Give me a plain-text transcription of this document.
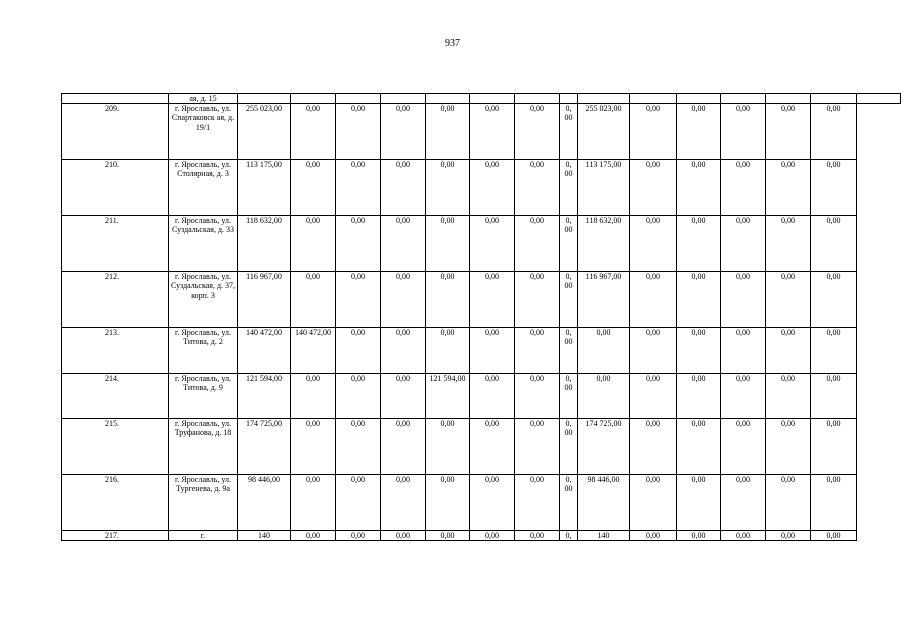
937
	ая, д. 15															
209.	г. Ярославль, ул. Спартаковск ая, д. 19/1	255 023,00	0,00	0,00	0,00	0,00	0,00	0,00	0, 00	255 023,00	0,00	0,00	0,00	0,00	0,00	
210.	г. Ярославль, ул. Столярная, д. 3	113 175,00	0,00	0,00	0,00	0,00	0,00	0,00	0, 00	113 175,00	0,00	0,00	0,00	0,00	0,00	
211.	г. Ярославль, ул. Суздальская, д. 33	118 632,00	0,00	0,00	0,00	0,00	0,00	0,00	0, 00	118 632,00	0,00	0,00	0,00	0,00	0,00	
212.	г. Ярославль, ул. Суздальская, д. 37, корп. 3	116 967,00	0,00	0,00	0,00	0,00	0,00	0,00	0, 00	116 967,00	0,00	0,00	0,00	0,00	0,00	
213.	г. Ярославль, ул. Титова, д. 2	140 472,00	140 472,00	0,00	0,00	0,00	0,00	0,00	0, 00	0,00	0,00	0,00	0,00	0,00	0,00	
214.	г. Ярославль, ул. Титова, д. 9	121 594,00	0,00	0,00	0,00	121 594,00	0,00	0,00	0, 00	0,00	0,00	0,00	0,00	0,00	0,00	
215.	г. Ярославль, ул. Труфанова, д. 18	174 725,00	0,00	0,00	0,00	0,00	0,00	0,00	0, 00	174 725,00	0,00	0,00	0,00	0,00	0,00	
216.	г. Ярославль, ул. Тургенева, д. 9а	98 446,00	0,00	0,00	0,00	0,00	0,00	0,00	0, 00	98 446,00	0,00	0,00	0,00	0,00	0,00	
217.	г.	140	0,00	0,00	0,00	0,00	0,00	0,00	0,	140	0,00	0,00	0,00	0,00	0,00	
